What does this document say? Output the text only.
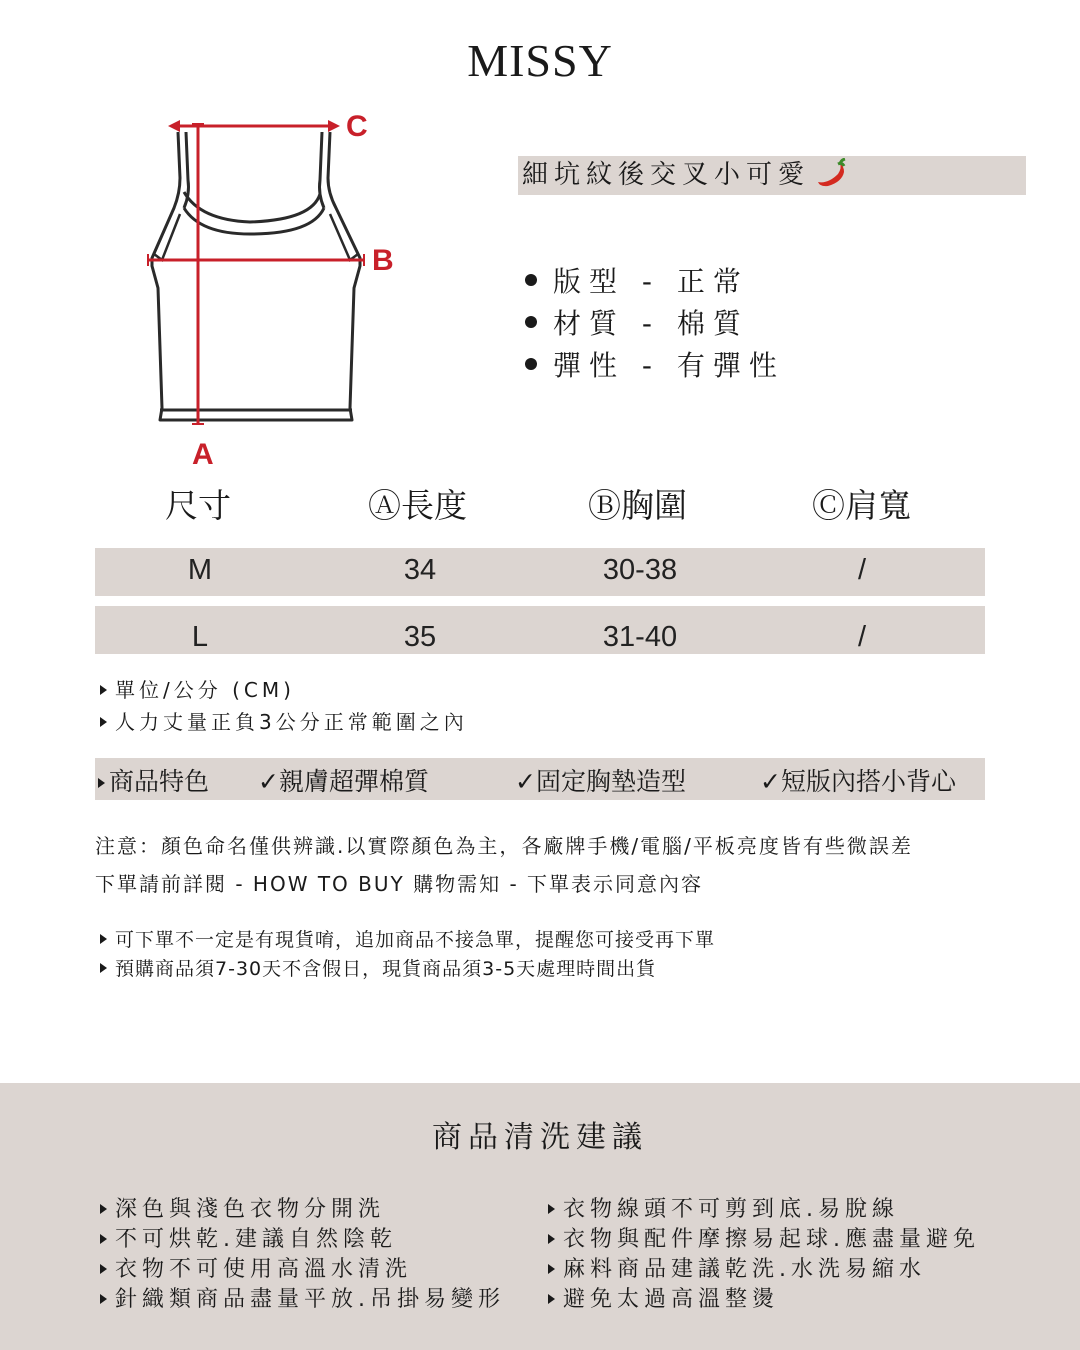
MISSY
C
B
A
細坑紋後交叉小可愛
版型 - 正常
材質 - 棉質
彈性 - 有彈性
尺寸	Ⓐ長度	Ⓑ胸圍	Ⓒ肩寬
M	34	30-38	/
L	35	31-40	/
單位/公分 (CM)
人力丈量正負3公分正常範圍之內
商品特色 ✓親膚超彈棉質	✓固定胸墊造型	✓短版內搭小背心
注意：顏色命名僅供辨識.以實際顏色為主，各廠牌手機/電腦/平板亮度皆有些微誤差
下單請前詳閱 - HOW TO BUY 購物需知 - 下單表示同意內容
可下單不一定是有現貨唷，追加商品不接急單，提醒您可接受再下單
預購商品須7-30天不含假日，現貨商品須3-5天處理時間出貨
商品清洗建議
深色與淺色衣物分開洗
不可烘乾.建議自然陰乾
衣物不可使用高溫水清洗
針織類商品盡量平放.吊掛易變形
衣物線頭不可剪到底.易脫線
衣物與配件摩擦易起球.應盡量避免
麻料商品建議乾洗.水洗易縮水
避免太過高溫整燙
